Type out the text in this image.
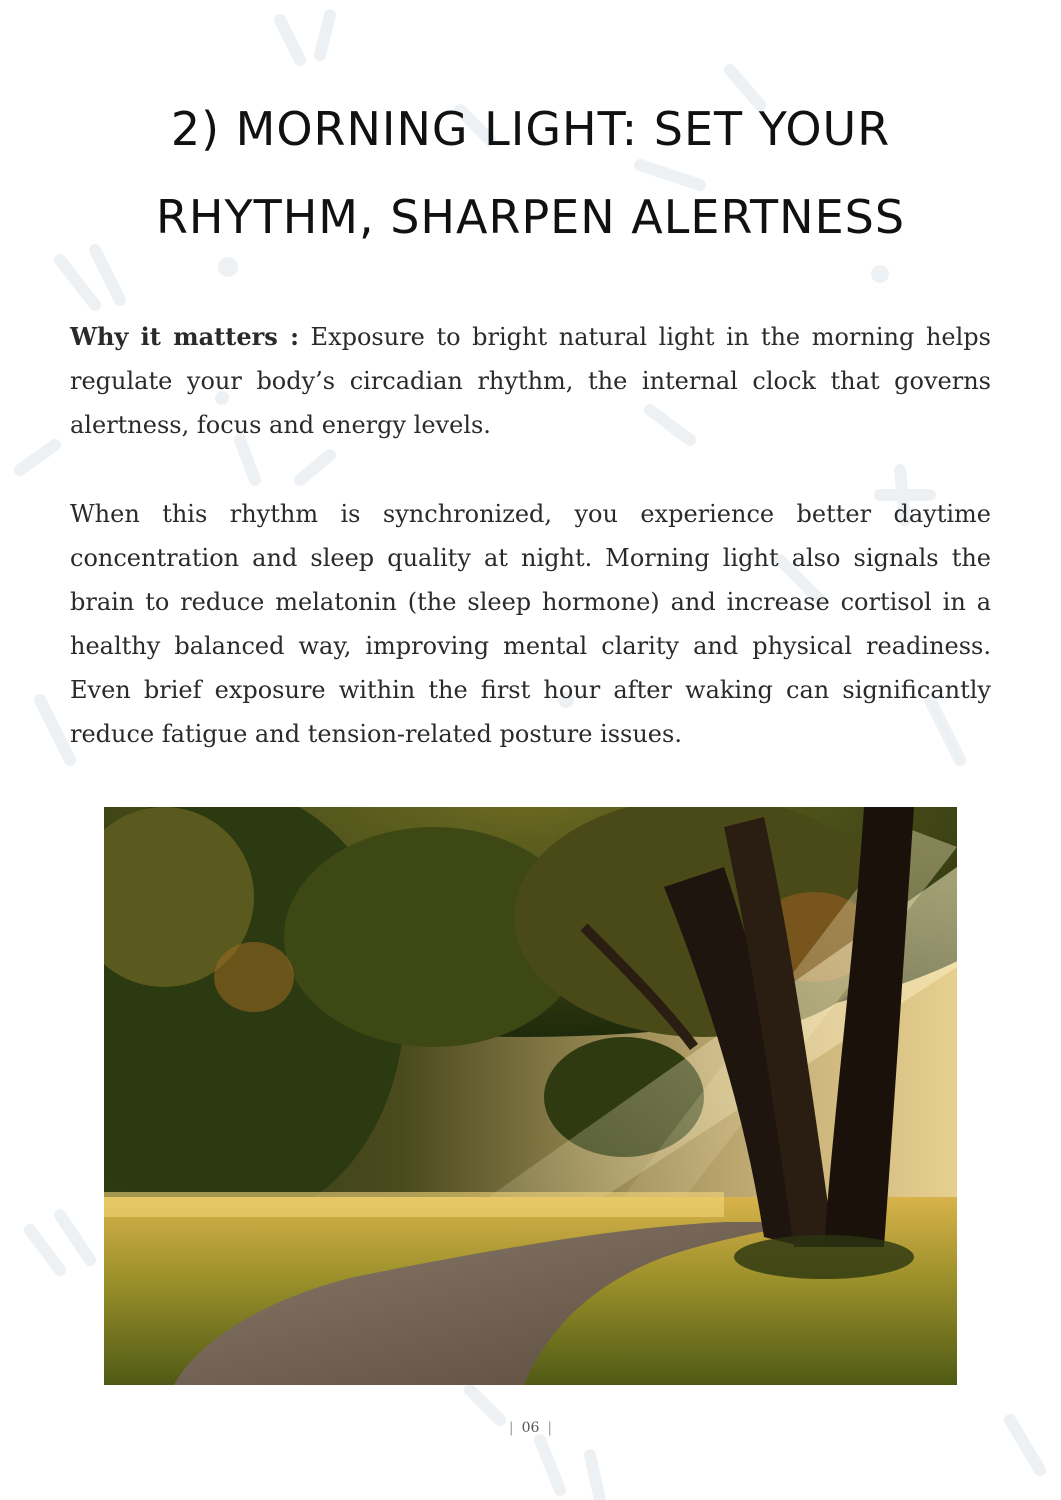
2) MORNING LIGHT: SET YOUR
RHYTHM, SHARPEN ALERTNESS

Why it matters : Exposure to bright natural light in the morning helps regulate your body’s circadian rhythm, the internal clock that governs alertness, focus and energy levels.

When this rhythm is synchronized, you experience better daytime concentration and sleep quality at night. Morning light also signals the brain to reduce melatonin (the sleep hormone) and increase cortisol in a healthy balanced way, improving mental clarity and physical readiness. Even brief exposure within the first hour after waking can significantly reduce fatigue and tension-related posture issues.

| 06 |
